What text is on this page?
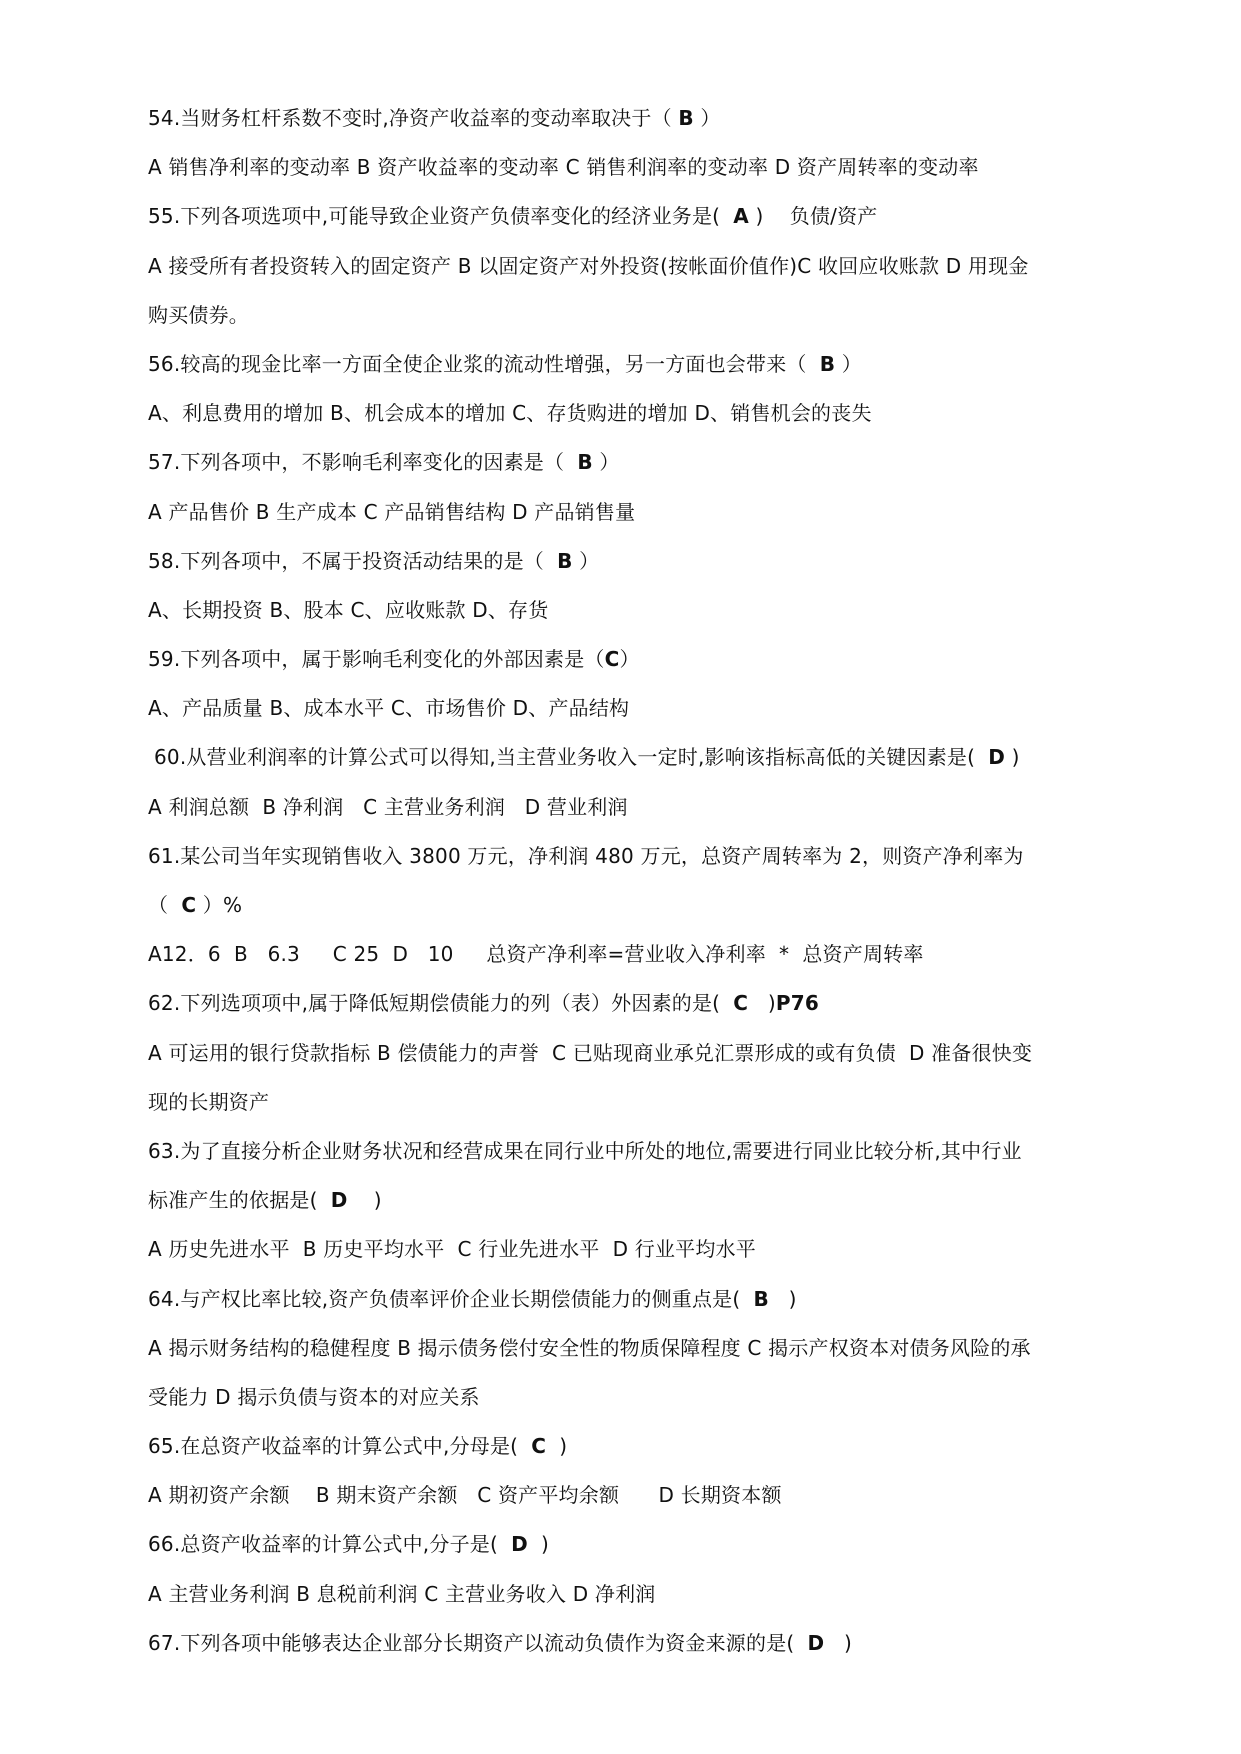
54.当财务杠杆系数不变时,净资产收益率的变动率取决于（ B ）
A 销售净利率的变动率 B 资产收益率的变动率 C 销售利润率的变动率 D 资产周转率的变动率
55.下列各项选项中,可能导致企业资产负债率变化的经济业务是(  A )    负债/资产
A 接受所有者投资转入的固定资产 B 以固定资产对外投资(按帐面价值作)C 收回应收账款 D 用现金
购买债券。
56.较高的现金比率一方面全使企业浆的流动性增强，另一方面也会带来（  B ）
A、利息费用的增加 B、机会成本的增加 C、存货购进的增加 D、销售机会的丧失
57.下列各项中，不影响毛利率变化的因素是（  B ）
A 产品售价 B 生产成本 C 产品销售结构 D 产品销售量
58.下列各项中，不属于投资活动结果的是（  B ）
A、长期投资 B、股本 C、应收账款 D、存货
59.下列各项中，属于影响毛利变化的外部因素是（C）
A、产品质量 B、成本水平 C、市场售价 D、产品结构
60.从营业利润率的计算公式可以得知,当主营业务收入一定时,影响该指标高低的关键因素是(  D )
A 利润总额  B 净利润   C 主营业务利润   D 营业利润
61.某公司当年实现销售收入 3800 万元，净利润 480 万元，总资产周转率为 2，则资产净利率为
（  C ）%
A12．6  B   6.3     C 25  D   10     总资产净利率=营业收入净利率  *  总资产周转率
62.下列选项项中,属于降低短期偿债能力的列（表）外因素的是(  C   )P76
A 可运用的银行贷款指标 B 偿债能力的声誉  C 已贴现商业承兑汇票形成的或有负债  D 准备很快变
现的长期资产
63.为了直接分析企业财务状况和经营成果在同行业中所处的地位,需要进行同业比较分析,其中行业
标准产生的依据是(  D    )
A 历史先进水平  B 历史平均水平  C 行业先进水平  D 行业平均水平
64.与产权比率比较,资产负债率评价企业长期偿债能力的侧重点是(  B   )
A 揭示财务结构的稳健程度 B 揭示债务偿付安全性的物质保障程度 C 揭示产权资本对债务风险的承
受能力 D 揭示负债与资本的对应关系
65.在总资产收益率的计算公式中,分母是(  C  )
A 期初资产余额    B 期末资产余额   C 资产平均余额      D 长期资本额
66.总资产收益率的计算公式中,分子是(  D  )
A 主营业务利润 B 息税前利润 C 主营业务收入 D 净利润
67.下列各项中能够表达企业部分长期资产以流动负债作为资金来源的是(  D   )
